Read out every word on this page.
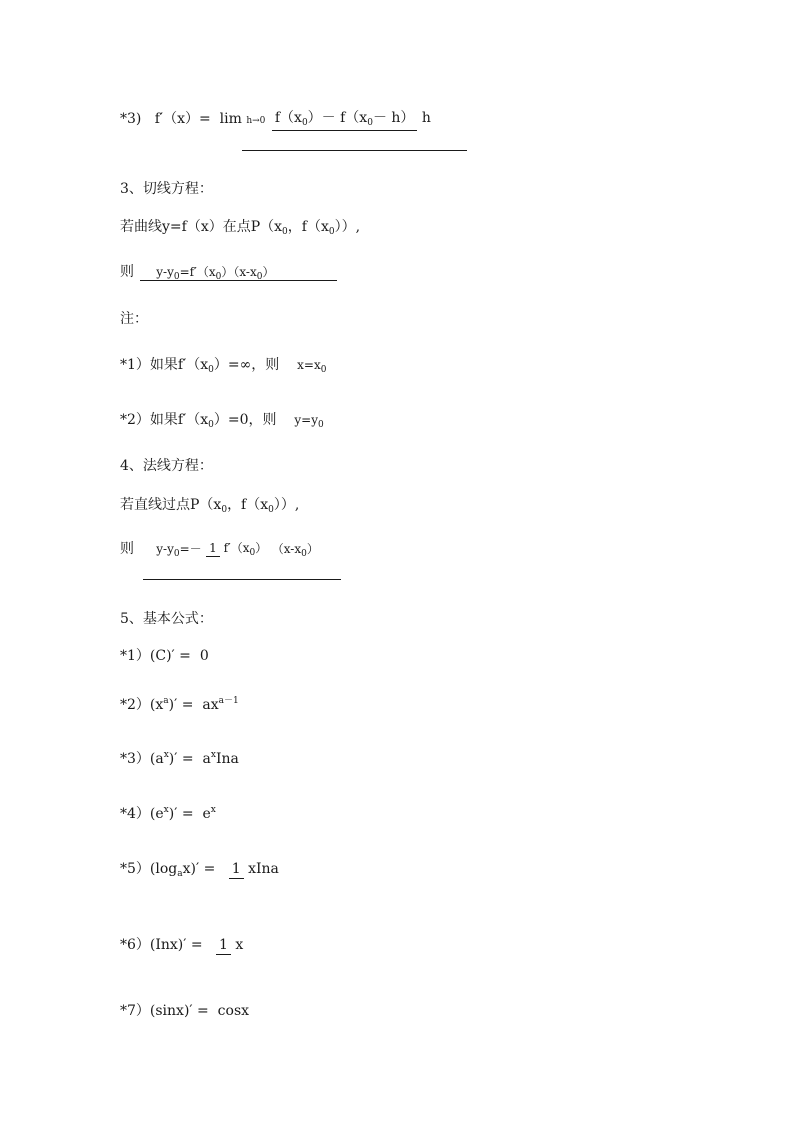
*3) f′（x）= lim h→0 $f(x_0)- f(x_0- h)$ h
3、切线方程：
若曲线y=f（x）在点$P(x_0$，$f(x_0)$）,
则 $y-y_0=f'(x_0)(x-x_0)$
注：
*1）如果$f'(x_0)=\infty$，则 $x=x_0$
*2）如果$f'(x_0)=0$，则 $y=y_0$
4、法线方程：
若直线过点$P(x_0$，$f(x_0)$）,
则 $y-y_0=- 1$ $f'(x_0)$ $(x-x_0)$
5、基本公式：
*1）(C)′ = 0
$*2)(x^a)' = ax^{a-1}$
$*3)(a^x)' = a^xIna$
$*4)(e^x)' = e^x$
$*5)(\log_ax)' = 1$ xIna
*6）(Inx)′ = 1 x
*7）(sinx)′ = cosx
